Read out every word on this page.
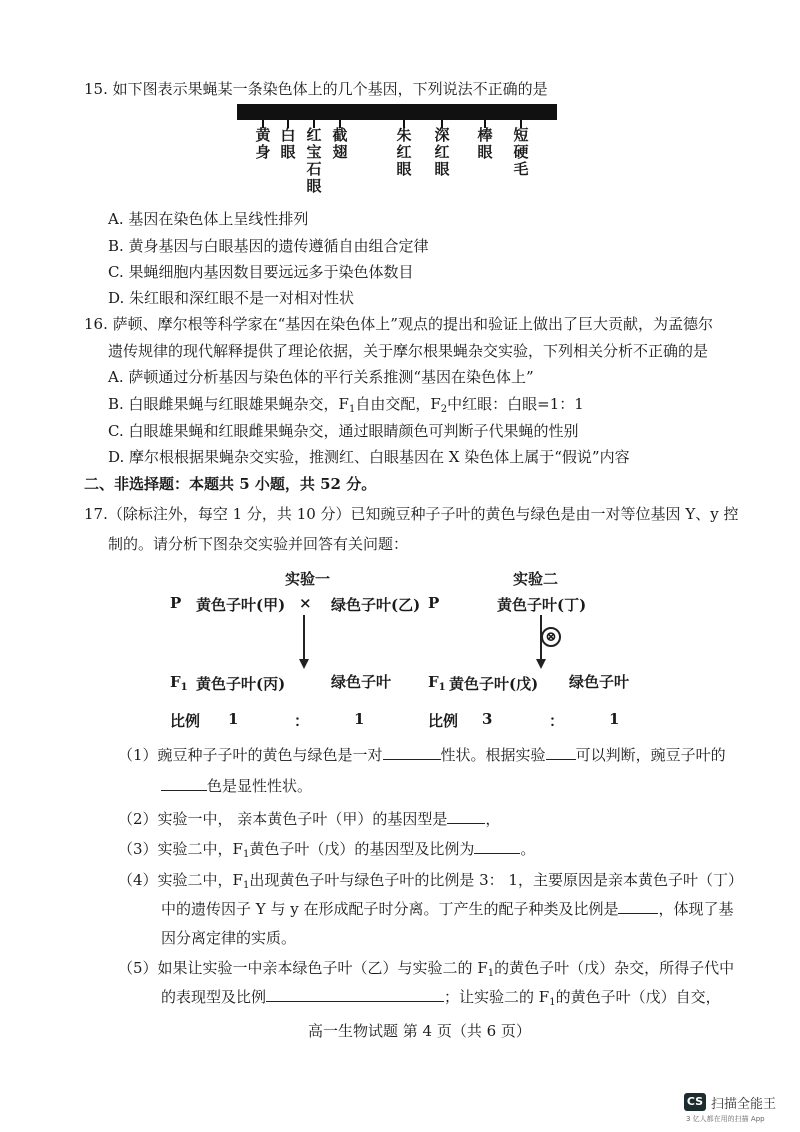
15. 如下图表示果蝇某一条染色体上的几个基因，下列说法不正确的是
黄身
白眼
红宝石眼
截翅
朱红眼
深红眼
棒眼
短硬毛
A. 基因在染色体上呈线性排列
B. 黄身基因与白眼基因的遗传遵循自由组合定律
C. 果蝇细胞内基因数目要远远多于染色体数目
D. 朱红眼和深红眼不是一对相对性状
16. 萨顿、摩尔根等科学家在“基因在染色体上”观点的提出和验证上做出了巨大贡献，为孟德尔
遗传规律的现代解释提供了理论依据，关于摩尔根果蝇杂交实验，下列相关分析不正确的是
A. 萨顿通过分析基因与染色体的平行关系推测“基因在染色体上”
B. 白眼雌果蝇与红眼雄果蝇杂交，$F_1$自由交配，$F_2$中红眼：白眼=1：1
C. 白眼雄果蝇和红眼雌果蝇杂交，通过眼睛颜色可判断子代果蝇的性别
D. 摩尔根根据果蝇杂交实验，推测红、白眼基因在 X 染色体上属于“假说”内容
二、非选择题：本题共 5 小题，共 52 分。
17.（除标注外，每空 1 分，共 10 分）已知豌豆种子子叶的黄色与绿色是由一对等位基因 Y、y 控
制的。请分析下图杂交实验并回答有关问题：
实验一
P 黄色子叶(甲) × 绿色子叶(乙)
$F_1$ 黄色子叶(丙)	绿色子叶
比例 1	：	1
P
实验二
黄色子叶(丁)
⊗
$F_1$ 黄色子叶(戊) 绿色子叶
比例 3	：	1
（1）豌豆种子子叶的黄色与绿色是一对	性状。根据实验 可以判断，豌豆子叶的
色是显性性状。
（2）实验一中， 亲本黄色子叶（甲）的基因型是	，
（3）实验二中，$F_1$黄色子叶（戊）的基因型及比例为	。
（4）实验二中，$F_1$出现黄色子叶与绿色子叶的比例是 3： 1，主要原因是亲本黄色子叶（丁）
中的遗传因子 Y 与 y 在形成配子时分离。丁产生的配子种类及比例是	，体现了基
因分离定律的实质。
（5）如果让实验一中亲本绿色子叶（乙）与实验二的 $F_1$的黄色子叶（戊）杂交，所得子代中
的表现型及比例	；让实验二的 $F_1$的黄色子叶（戊）自交，
高一生物试题 第 4 页（共 6 页）
CS 扫描全能王
3 亿人都在用的扫描 App
